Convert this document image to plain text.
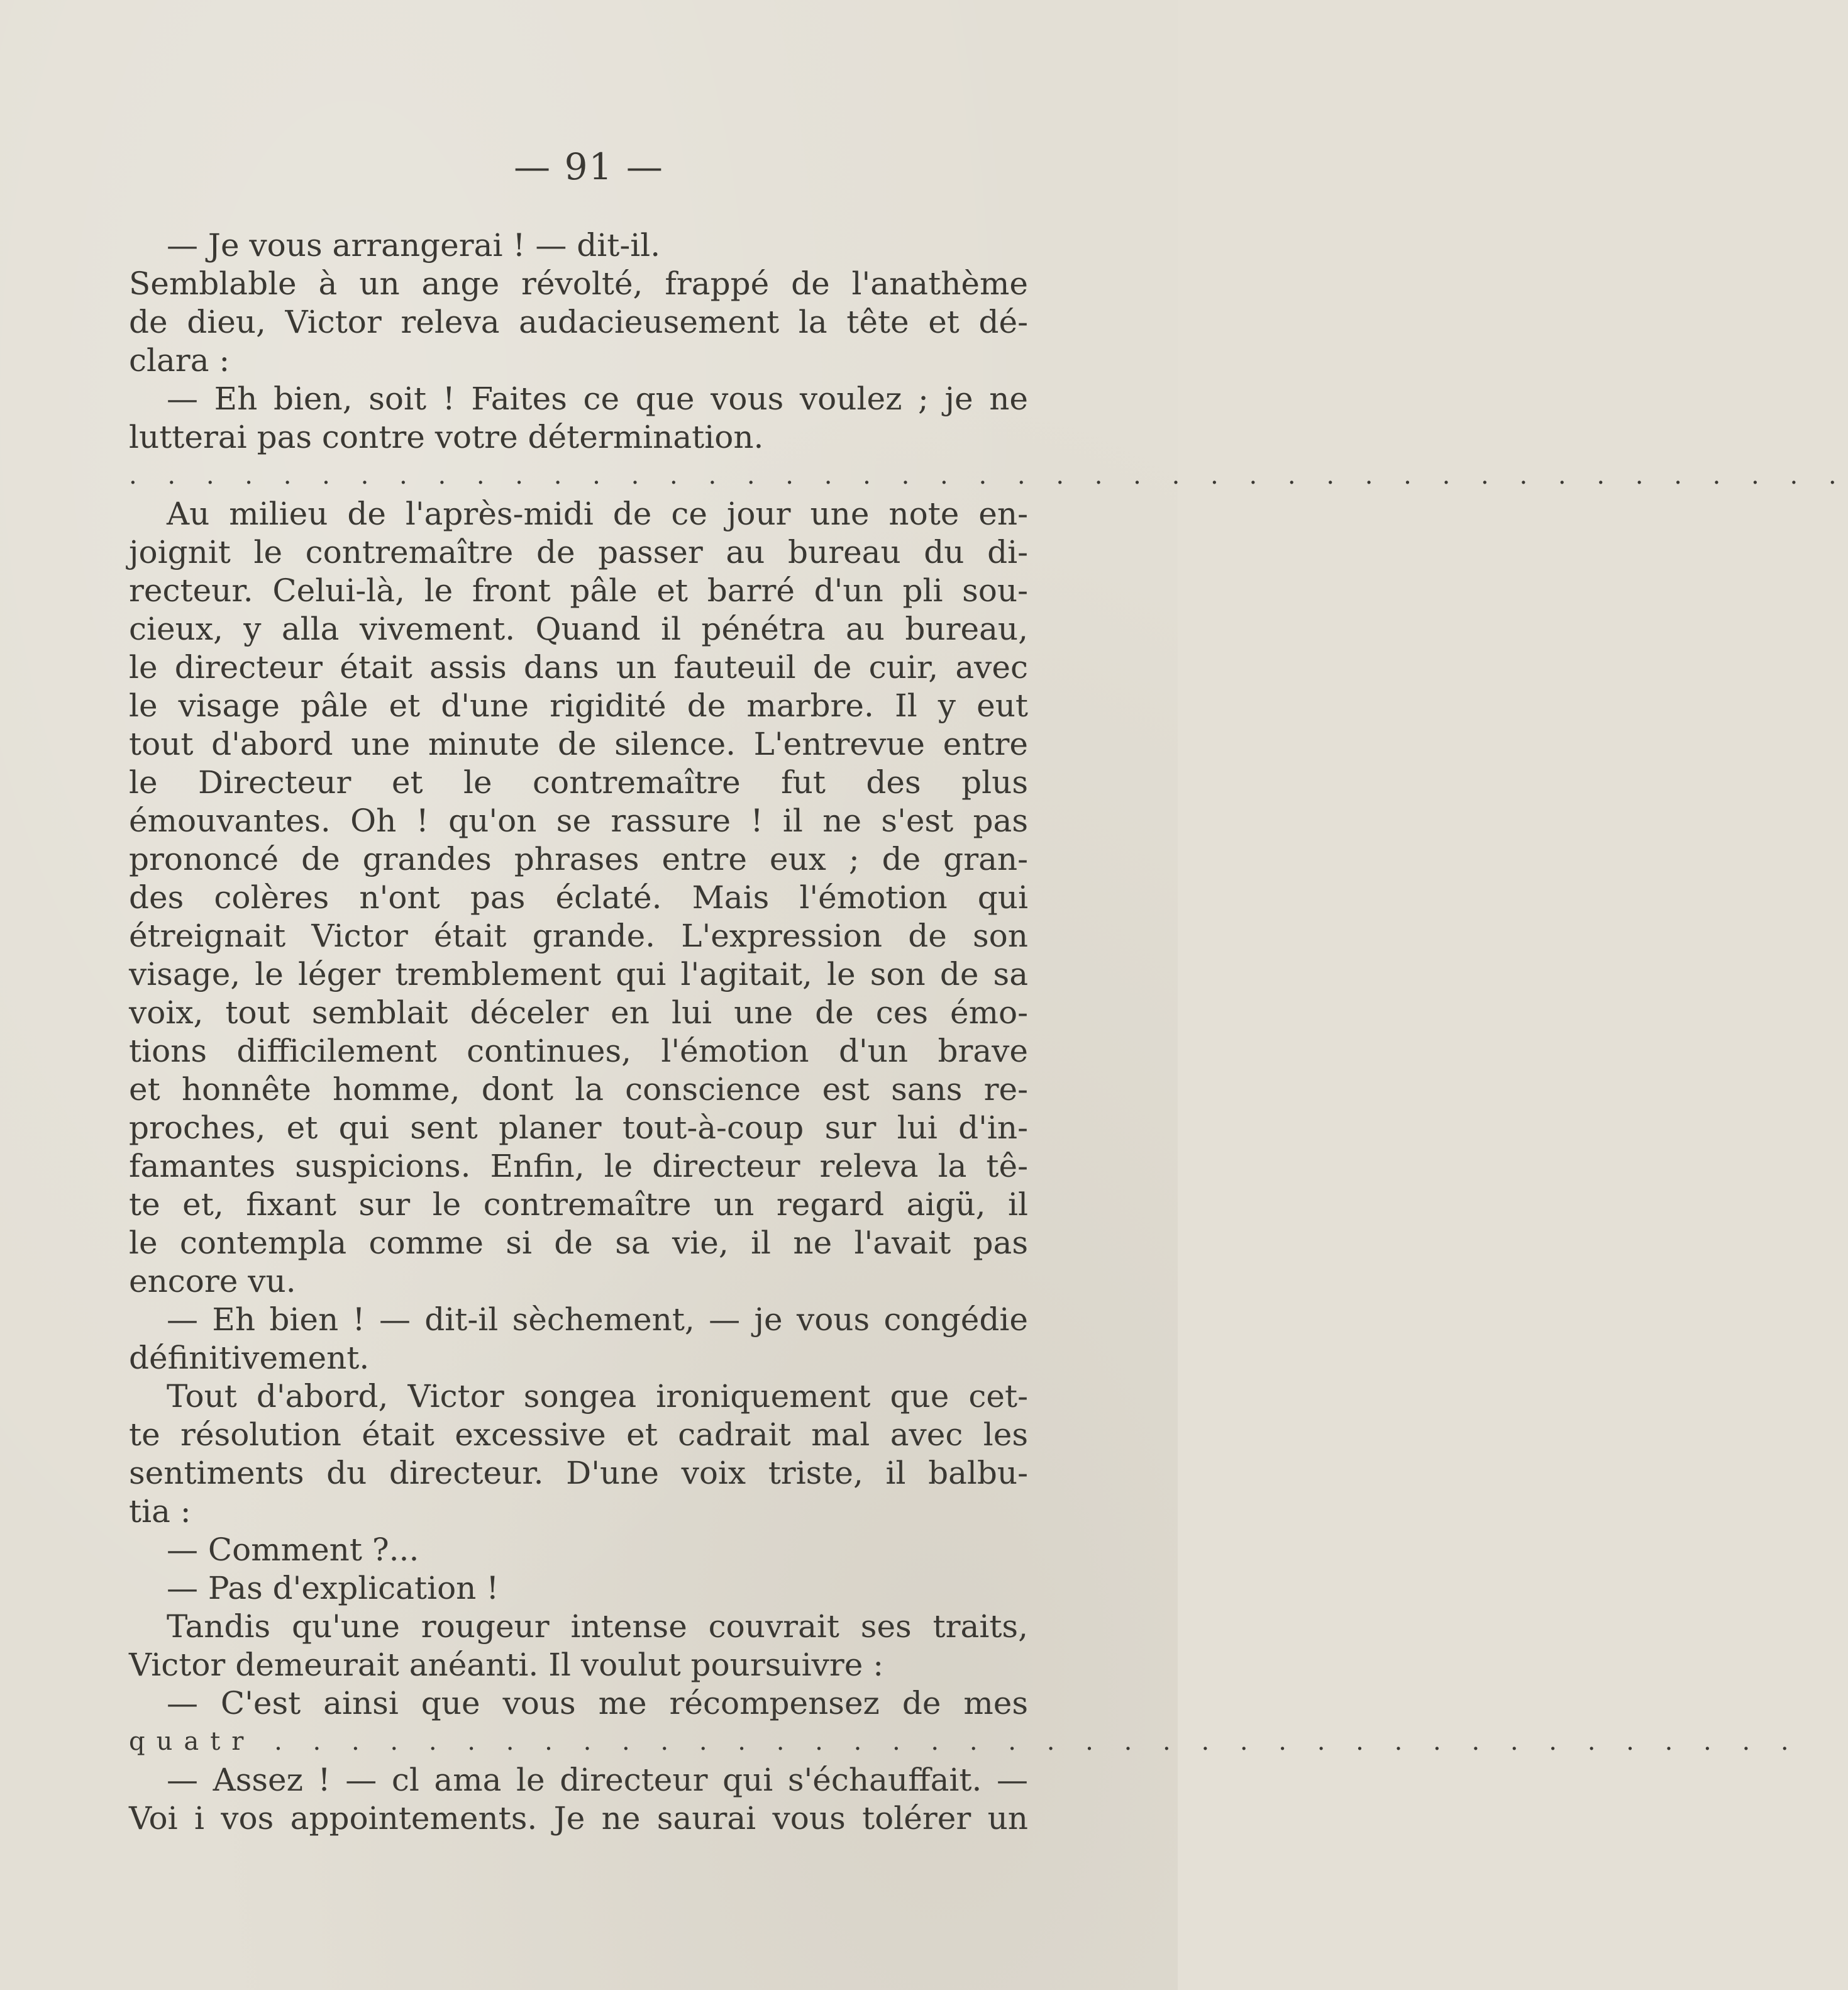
— 91 —
— Je vous arrangerai ! — dit-il.
Semblable à un ange révolté, frappé de l'anathème
de dieu, Victor releva audacieusement la tête et dé-
clara :
— Eh bien, soit ! Faites ce que vous voulez ; je ne
lutterai pas contre votre détermination.
. . . . . . . . . . . . . . . . . . . . . . . . . . . . . . . . . . . . . . . . . . . . .
Au milieu de l'après-midi de ce jour une note en-
joignit le contremaître de passer au bureau du di-
recteur. Celui-là, le front pâle et barré d'un pli sou-
cieux, y alla vivement. Quand il pénétra au bureau,
le directeur était assis dans un fauteuil de cuir, avec
le visage pâle et d'une rigidité de marbre. Il y eut
tout d'abord une minute de silence. L'entrevue entre
le Directeur et le contremaître fut des plus
émouvantes. Oh ! qu'on se rassure ! il ne s'est pas
prononcé de grandes phrases entre eux ; de gran-
des colères n'ont pas éclaté. Mais l'émotion qui
étreignait Victor était grande. L'expression de son
visage, le léger tremblement qui l'agitait, le son de sa
voix, tout semblait déceler en lui une de ces émo-
tions difficilement continues, l'émotion d'un brave
et honnête homme, dont la conscience est sans re-
proches, et qui sent planer tout-à-coup sur lui d'in-
famantes suspicions. Enfin, le directeur releva la tê-
te et, fixant sur le contremaître un regard aigü, il
le contempla comme si de sa vie, il ne l'avait pas
encore vu.
— Eh bien ! — dit-il sèchement, — je vous congédie
définitivement.
Tout d'abord, Victor songea ironiquement que cet-
te résolution était excessive et cadrait mal avec les
sentiments du directeur. D'une voix triste, il balbu-
tia :
— Comment ?...
— Pas d'explication !
Tandis qu'une rougeur intense couvrait ses traits,
Victor demeurait anéanti. Il voulut poursuivre :
— C'est ainsi que vous me récompensez de mes
quatr . . . . . . . . . . . . . . . . . . . . . . . . . . . . . . . . . . . . . . . .
— Assez ! — cl ama le directeur qui s'échauffait. —
Voi i vos appointements. Je ne saurai vous tolérer un
